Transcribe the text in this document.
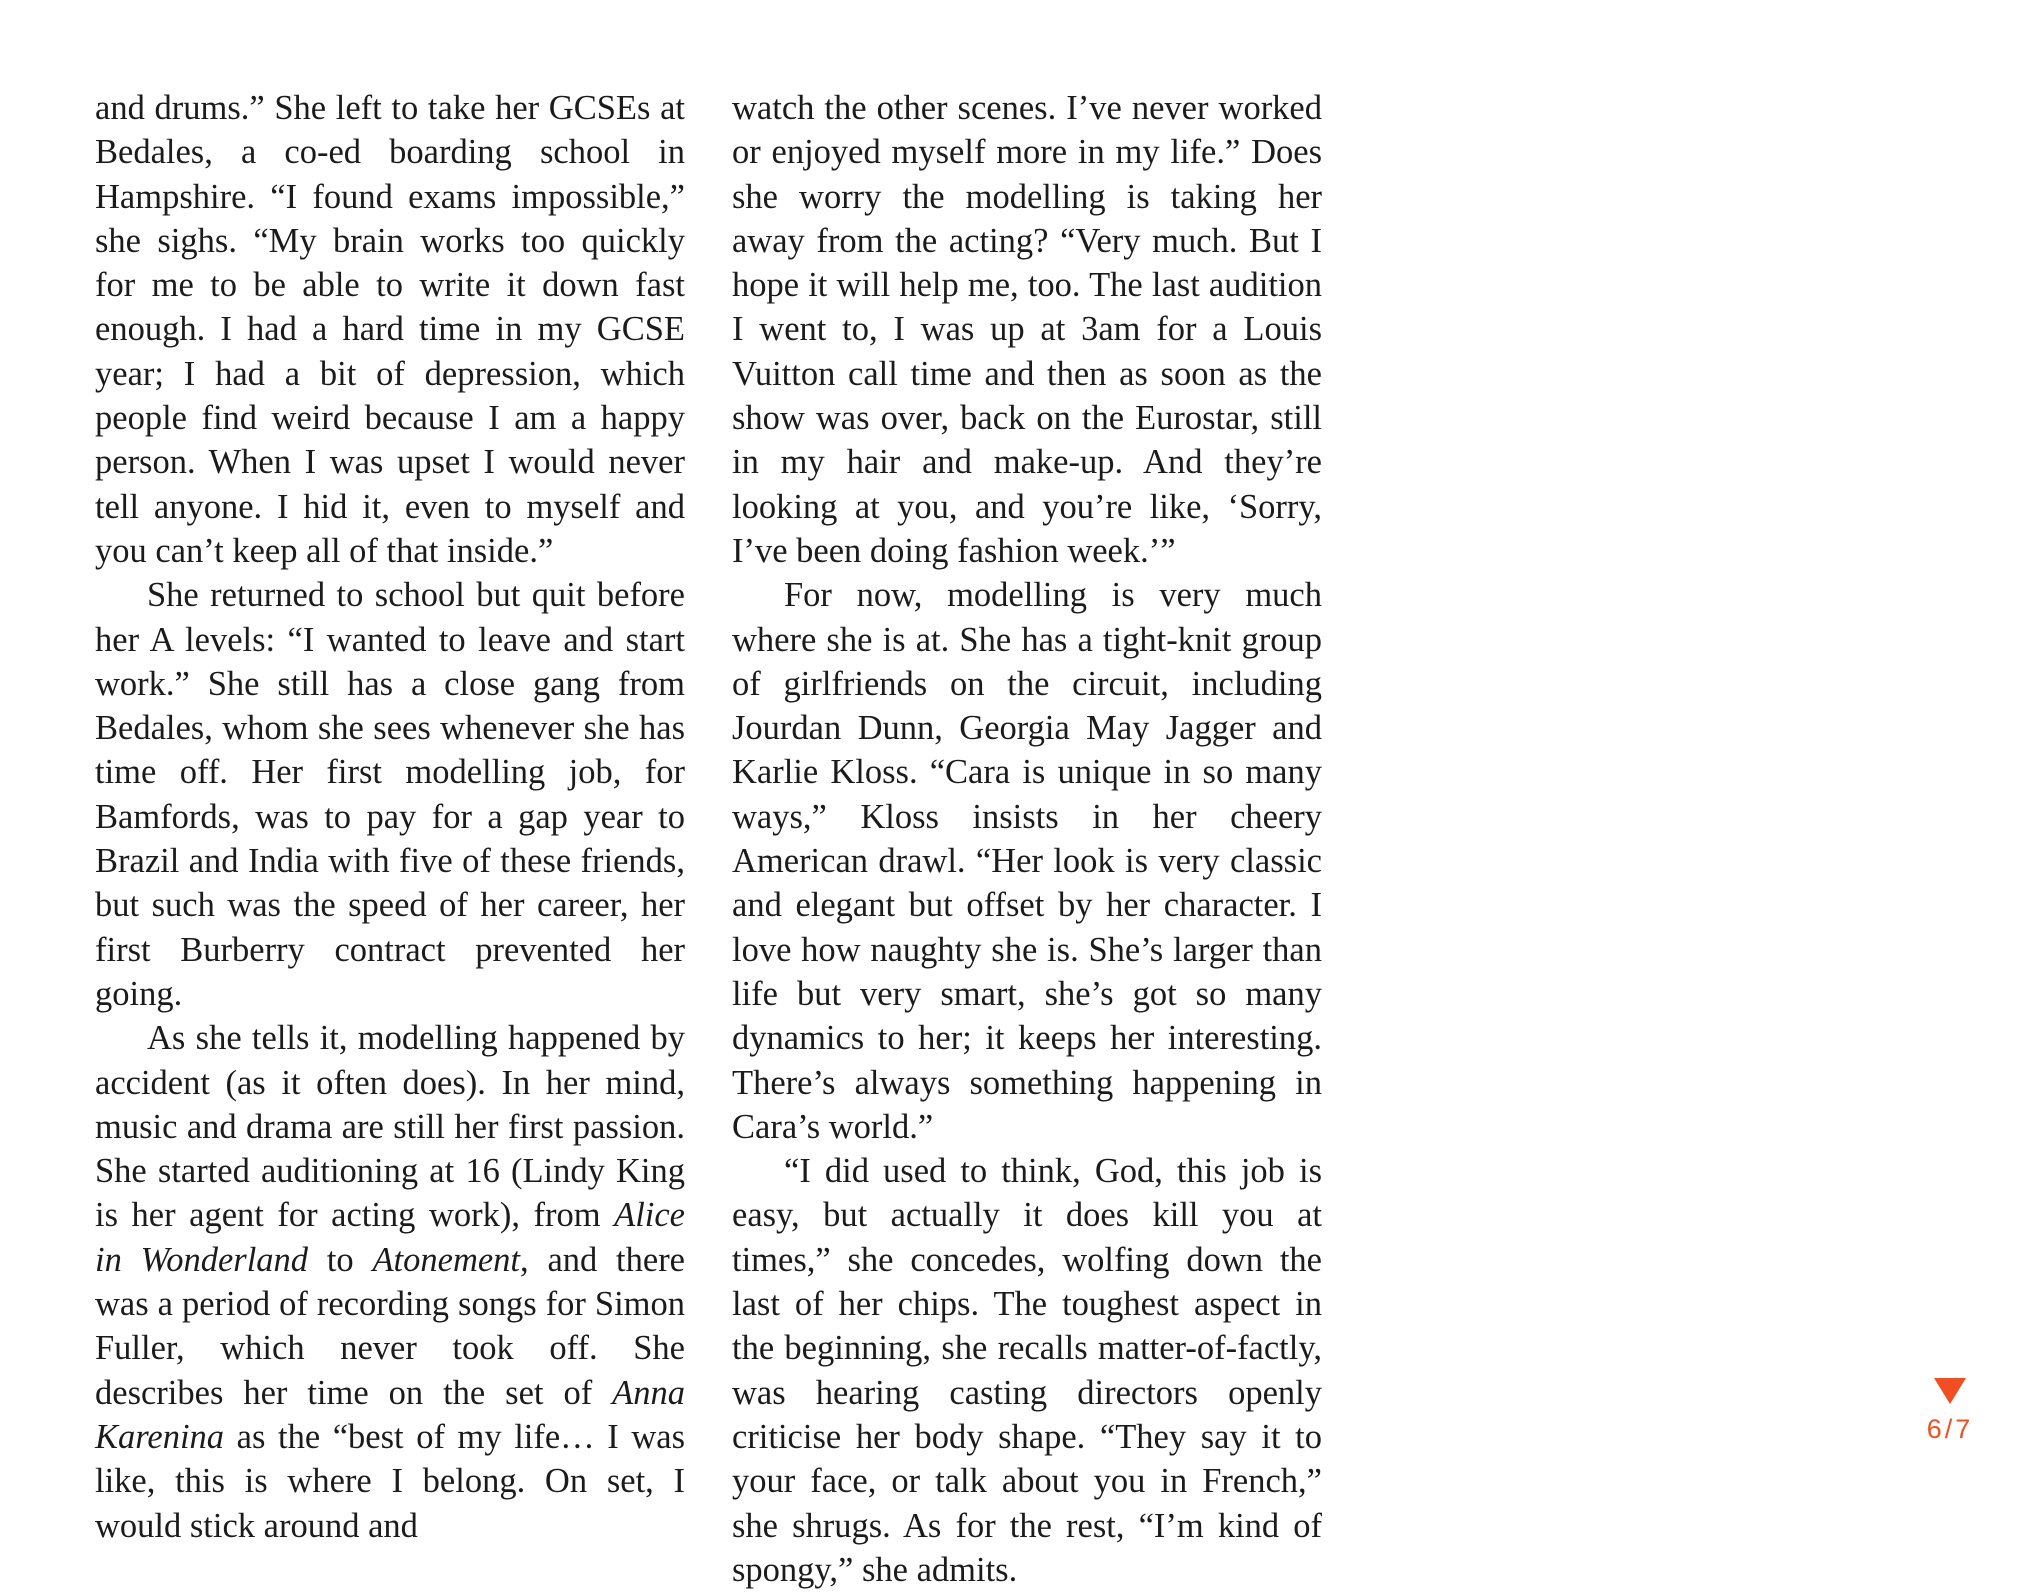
and drums.” She left to take her GCSEs at Bedales, a co-ed boarding school in Hampshire. “I found exams impossible,” she sighs. “My brain works too quickly for me to be able to write it down fast enough. I had a hard time in my GCSE year; I had a bit of depression, which people find weird because I am a happy person. When I was upset I would never tell anyone. I hid it, even to myself and you can’t keep all of that inside.”

She returned to school but quit before her A levels: “I wanted to leave and start work.” She still has a close gang from Bedales, whom she sees whenever she has time off. Her first modelling job, for Bamfords, was to pay for a gap year to Brazil and India with five of these friends, but such was the speed of her career, her first Burberry contract prevented her going.

As she tells it, modelling happened by accident (as it often does). In her mind, music and drama are still her first passion. She started auditioning at 16 (Lindy King is her agent for acting work), from Alice in Wonderland to Atonement, and there was a period of recording songs for Simon Fuller, which never took off. She describes her time on the set of Anna Karenina as the “best of my life… I was like, this is where I belong. On set, I would stick around and

watch the other scenes. I’ve never worked or enjoyed myself more in my life.” Does she worry the modelling is taking her away from the acting? “Very much. But I hope it will help me, too. The last audition I went to, I was up at 3am for a Louis Vuitton call time and then as soon as the show was over, back on the Eurostar, still in my hair and make-up. And they’re looking at you, and you’re like, ‘Sorry, I’ve been doing fashion week.’”

For now, modelling is very much where she is at. She has a tight-knit group of girlfriends on the circuit, including Jourdan Dunn, Georgia May Jagger and Karlie Kloss. “Cara is unique in so many ways,” Kloss insists in her cheery American drawl. “Her look is very classic and elegant but offset by her character. I love how naughty she is. She’s larger than life but very smart, she’s got so many dynamics to her; it keeps her interesting. There’s always something happening in Cara’s world.”

“I did used to think, God, this job is easy, but actually it does kill you at times,” she concedes, wolfing down the last of her chips. The toughest aspect in the beginning, she recalls matter-of-factly, was hearing casting directors openly criticise her body shape. “They say it to your face, or talk about you in French,” she shrugs. As for the rest, “I’m kind of spongy,” she admits.

6/7
